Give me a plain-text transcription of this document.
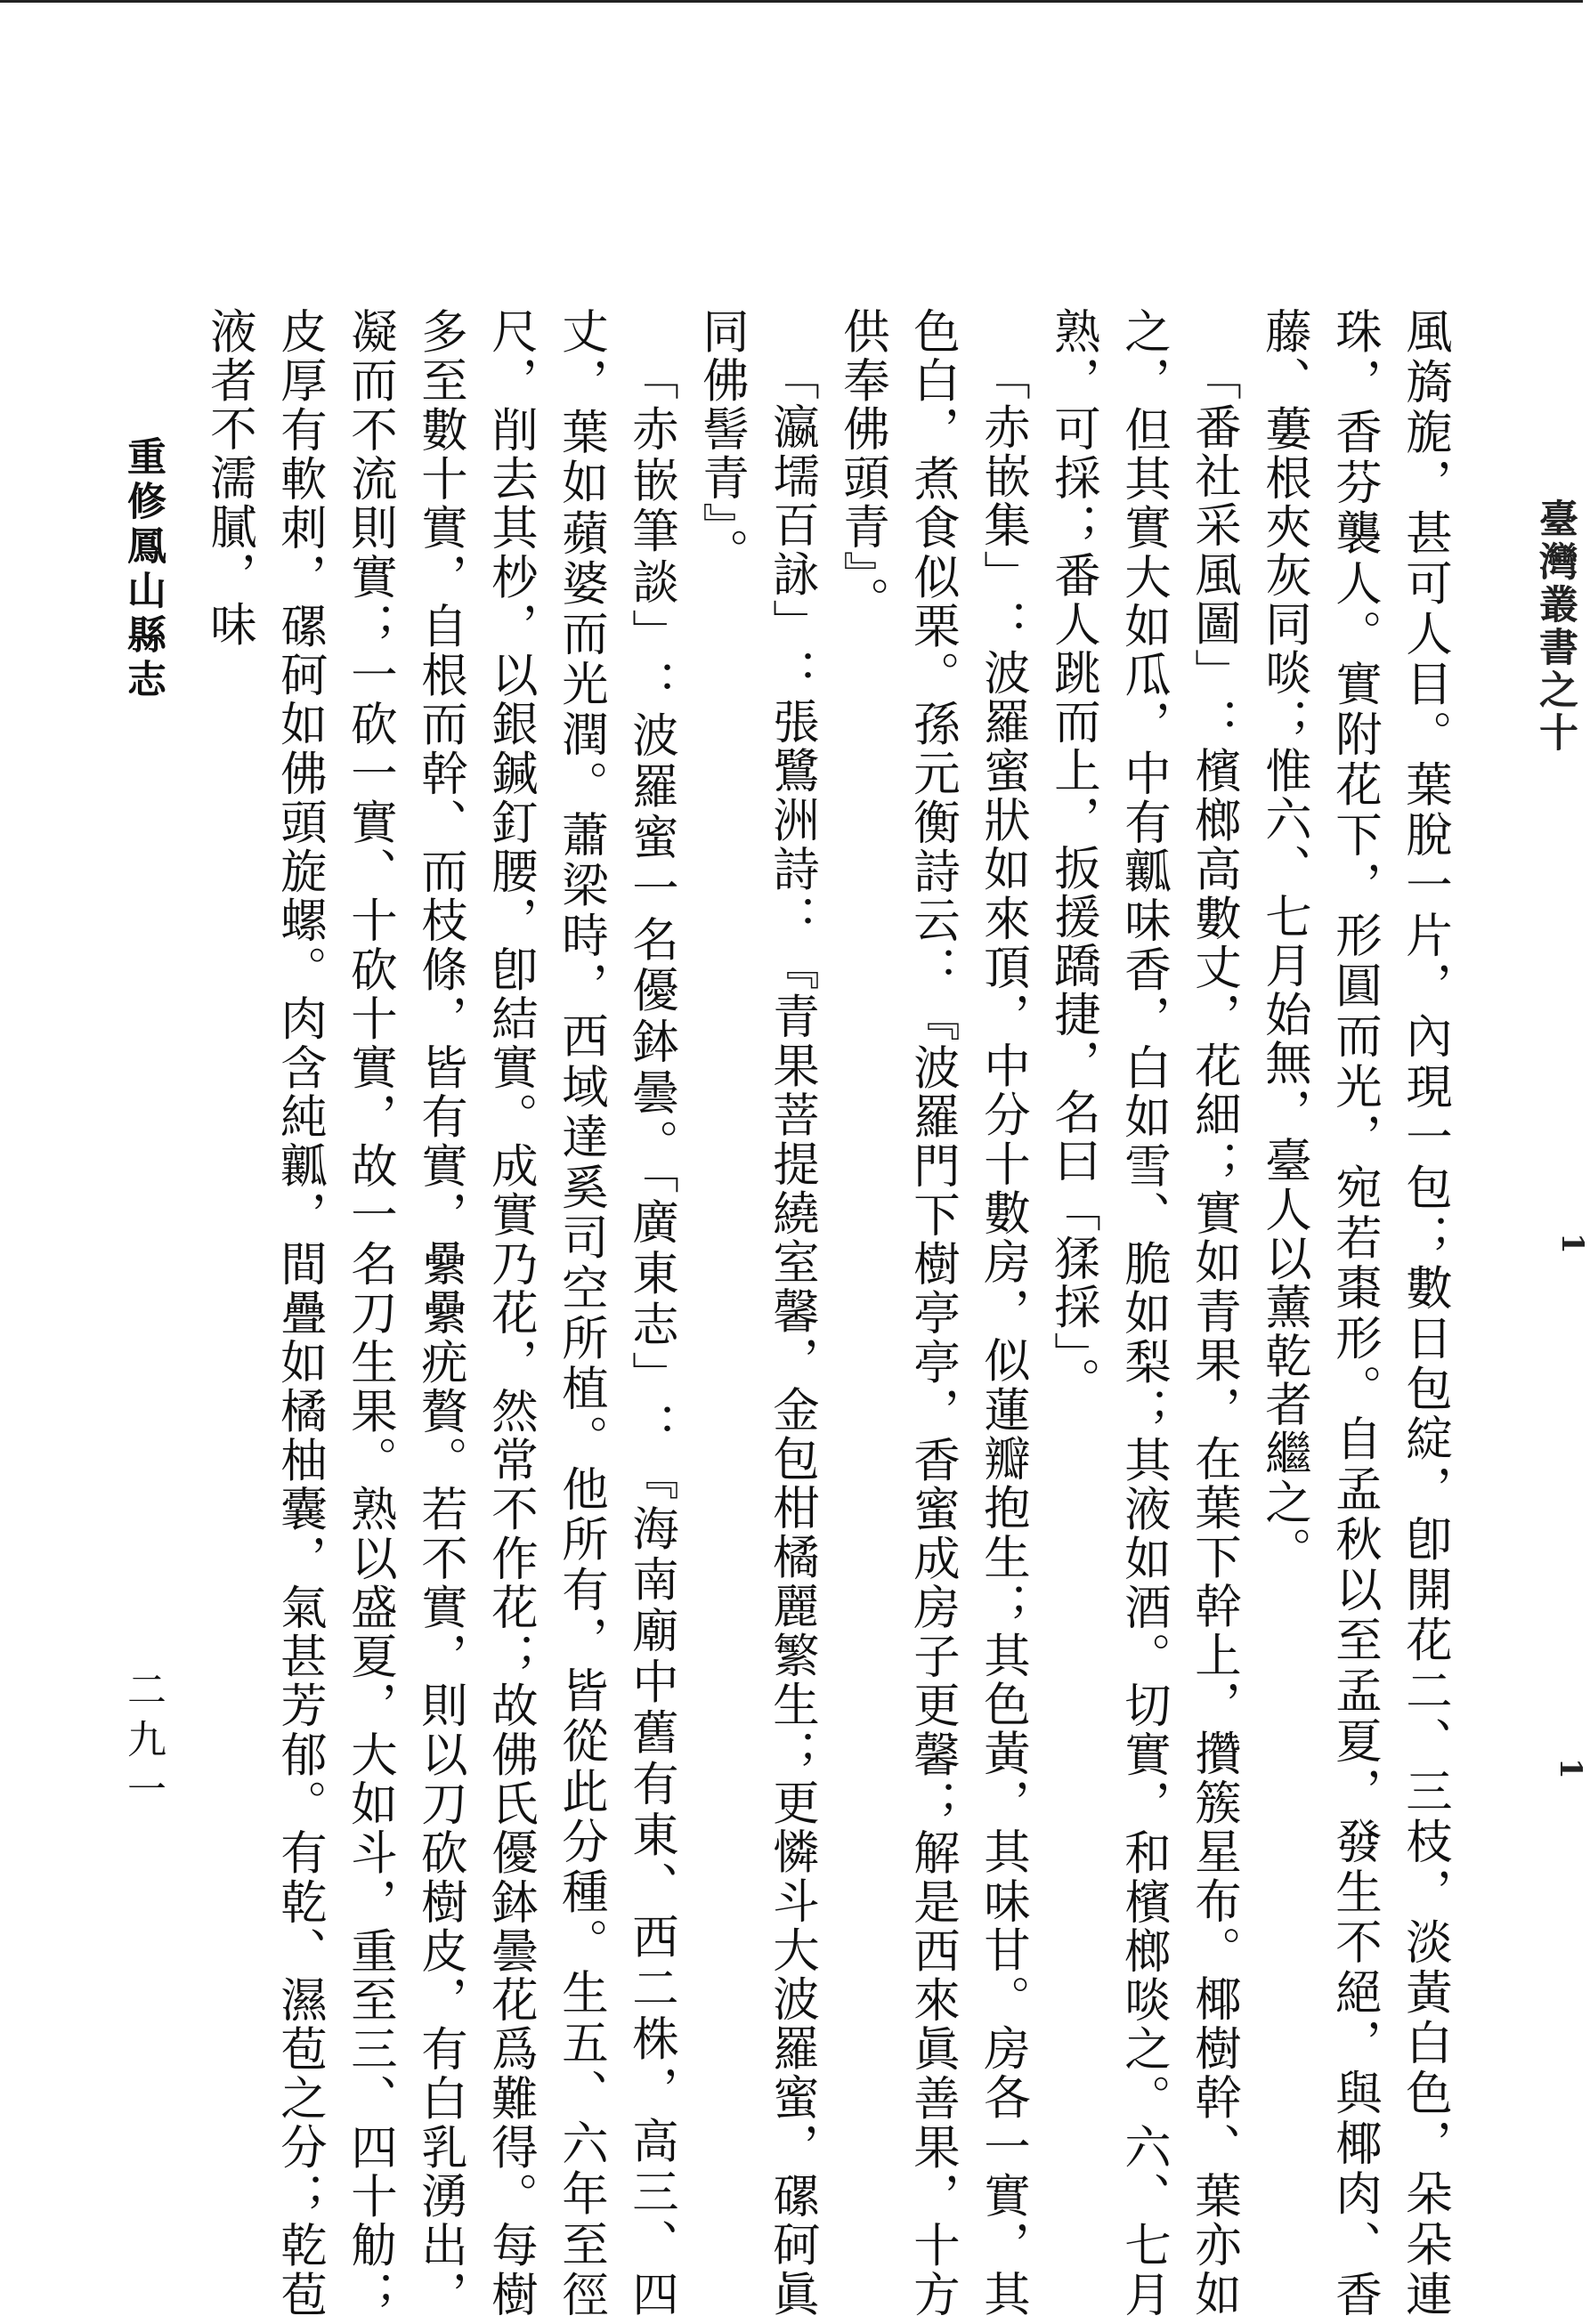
臺灣叢書之十
1
1

風旖旎，甚可人目。葉脫一片，內現一包；數日包綻，卽開花二、三枝，淡黃白色，朵朵連珠，香芬襲人。實附花下，形圓而光，宛若棗形。自孟秋以至孟夏，發生不絕，與椰肉、香藤、蔞根夾灰同啖；惟六、七月始無，臺人以薰乾者繼之。

「番社采風圖」：檳榔高數丈，花細；實如青果，在葉下幹上，攢簇星布。椰樹幹、葉亦如之，但其實大如瓜，中有瓤味香，白如雪、脆如梨；其液如酒。切實，和檳榔啖之。六、七月熟，可採；番人跳而上，扳援蹻捷，名曰「猱採」。

「赤嵌集」：波羅蜜狀如來頂，中分十數房，似蓮瓣抱生；其色黃，其味甘。房各一實，其色白，煮食似栗。孫元衡詩云：『波羅門下樹亭亭，香蜜成房子更馨；解是西來眞善果，十方供奉佛頭青』。

「瀛壖百詠」：張鷺洲詩：『青果菩提繞室馨，金包柑橘麗繁生；更憐斗大波羅蜜，磥砢眞同佛髻青』。

「赤嵌筆談」：波羅蜜一名優鉢曇。「廣東志」：『海南廟中舊有東、西二株，高三、四丈，葉如蘋婆而光潤。蕭梁時，西域達奚司空所植。他所有，皆從此分種。生五、六年至徑尺，削去其杪，以銀鍼釘腰，卽結實。成實乃花，然常不作花；故佛氏優鉢曇花爲難得。每樹多至數十實，自根而幹、而枝條，皆有實，纍纍疣贅。若不實，則以刀砍樹皮，有白乳湧出，凝而不流則實；一砍一實、十砍十實，故一名刀生果。熟以盛夏，大如斗，重至三、四十觔；皮厚有軟刺，磥砢如佛頭旋螺。肉含純瓤，間疊如橘柚囊，氣甚芳郁。有乾、濕苞之分；乾苞液者不濡膩，味

重修鳳山縣志
二九一
